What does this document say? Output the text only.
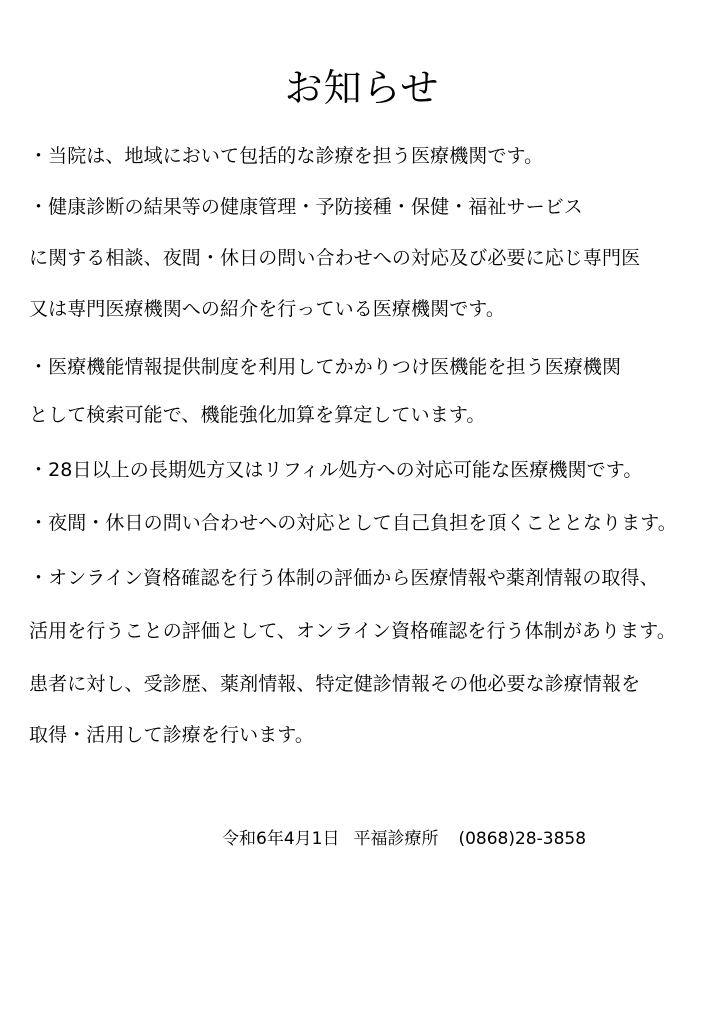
お知らせ
・当院は、地域において包括的な診療を担う医療機関です。
・健康診断の結果等の健康管理・予防接種・保健・福祉サービス
に関する相談、夜間・休日の問い合わせへの対応及び必要に応じ専門医
又は専門医療機関への紹介を行っている医療機関です。
・医療機能情報提供制度を利用してかかりつけ医機能を担う医療機関
として検索可能で、機能強化加算を算定しています。
・28日以上の長期処方又はリフィル処方への対応可能な医療機関です。
・夜間・休日の問い合わせへの対応として自己負担を頂くこととなります。
・オンライン資格確認を行う体制の評価から医療情報や薬剤情報の取得、
活用を行うことの評価として、オンライン資格確認を行う体制があります。
患者に対し、受診歴、薬剤情報、特定健診情報その他必要な診療情報を
取得・活用して診療を行います。
令和6年4月1日 平福診療所 (0868)28-3858
